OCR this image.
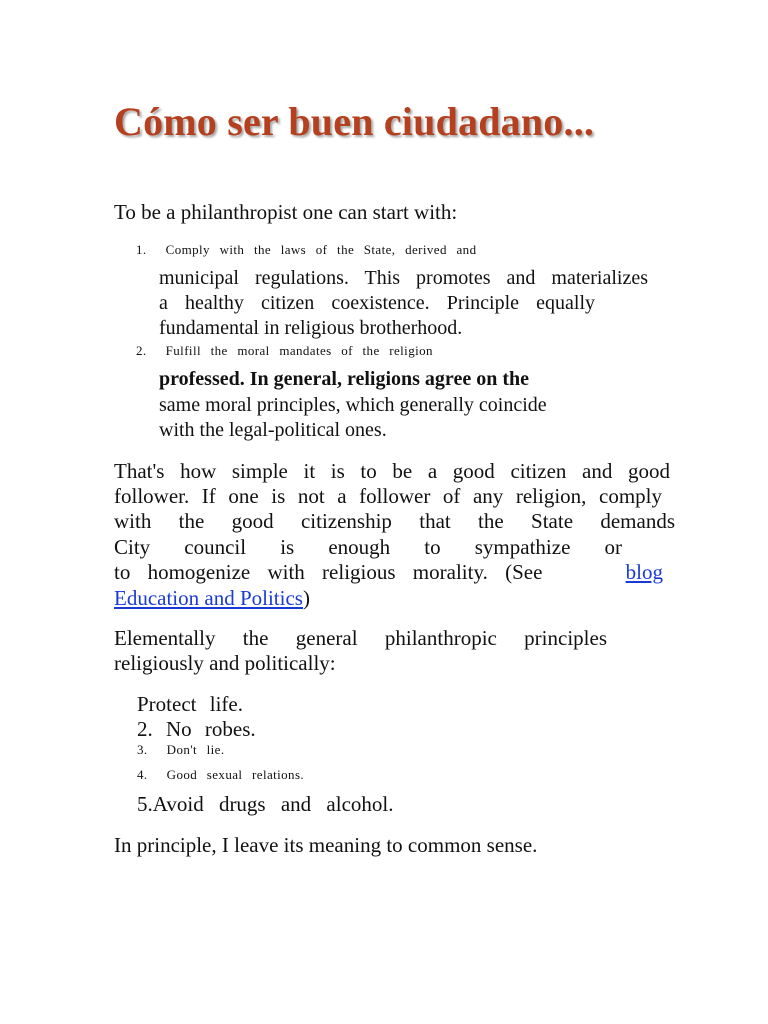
Cómo ser buen ciudadano...

To be a philanthropist one can start with:

1. Comply with the laws of the State, derived and
municipal regulations. This promotes and materializes
a healthy citizen coexistence. Principle equally
fundamental in religious brotherhood.
2. Fulfill the moral mandates of the religion
professed. In general, religions agree on the
same moral principles, which generally coincide
with the legal-political ones.
That's how simple it is to be a good citizen and good
follower. If one is not a follower of any religion, comply
with the good citizenship that the State demands
City council is enough to sympathize or
to homogenize with religious morality. (See	blog
Education and Politics)
Elementally the general philanthropic principles
religiously and politically:
Protect life.
2. No robes.
3. Don't lie.
4. Good sexual relations.
5.Avoid drugs and alcohol.
In principle, I leave its meaning to common sense.
